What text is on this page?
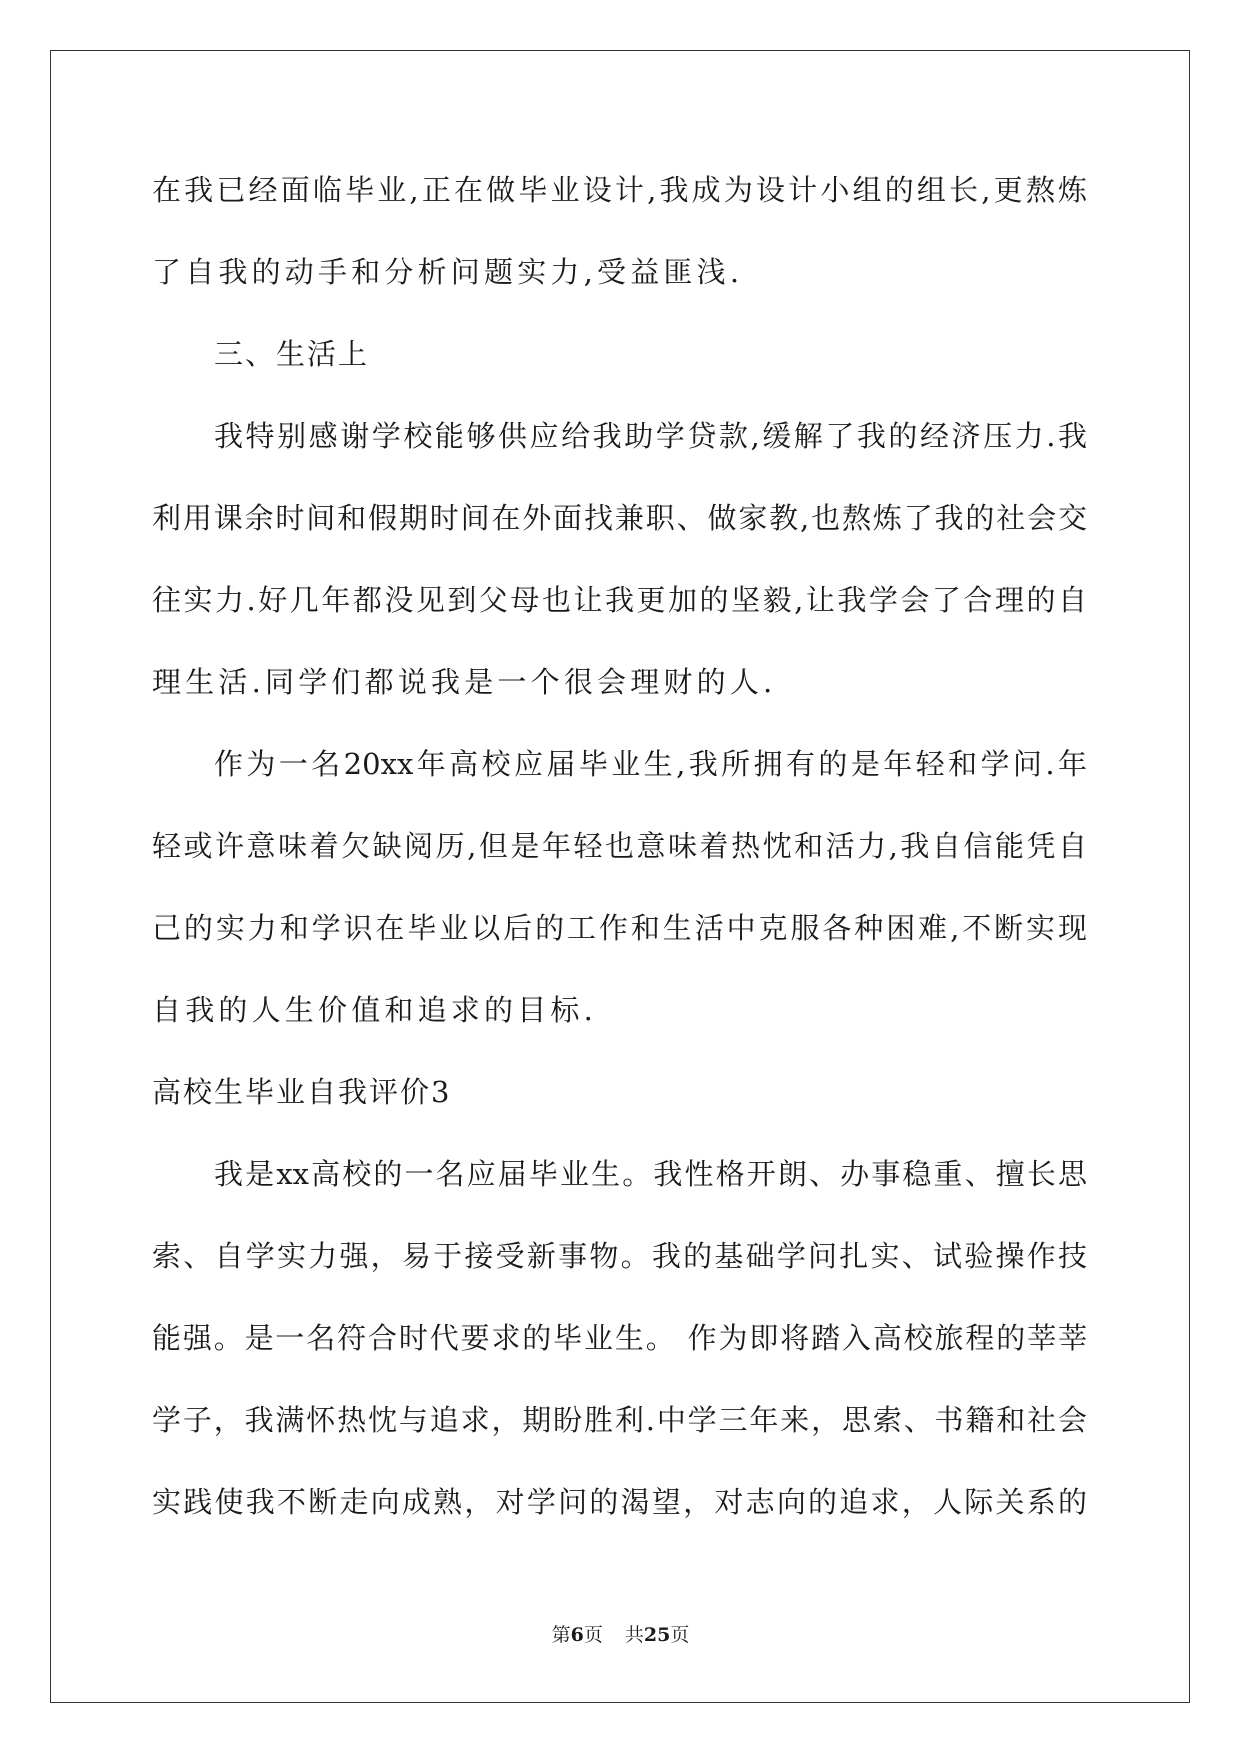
在我已经面临毕业,正在做毕业设计,我成为设计小组的组长,更熬炼
了自我的动手和分析问题实力,受益匪浅.
三、生活上
我特别感谢学校能够供应给我助学贷款,缓解了我的经济压力.我
利用课余时间和假期时间在外面找兼职、做家教,也熬炼了我的社会交
往实力.好几年都没见到父母也让我更加的坚毅,让我学会了合理的自
理生活.同学们都说我是一个很会理财的人.
作为一名20xx年高校应届毕业生,我所拥有的是年轻和学问.年
轻或许意味着欠缺阅历,但是年轻也意味着热忱和活力,我自信能凭自
己的实力和学识在毕业以后的工作和生活中克服各种困难,不断实现
自我的人生价值和追求的目标.
高校生毕业自我评价3
我是xx高校的一名应届毕业生。我性格开朗、办事稳重、擅长思
索、自学实力强，易于接受新事物。我的基础学问扎实、试验操作技
能强。是一名符合时代要求的毕业生。 作为即将踏入高校旅程的莘莘
学子，我满怀热忱与追求，期盼胜利.中学三年来，思索、书籍和社会
实践使我不断走向成熟，对学问的渴望，对志向的追求，人际关系的
第6页 共25页
